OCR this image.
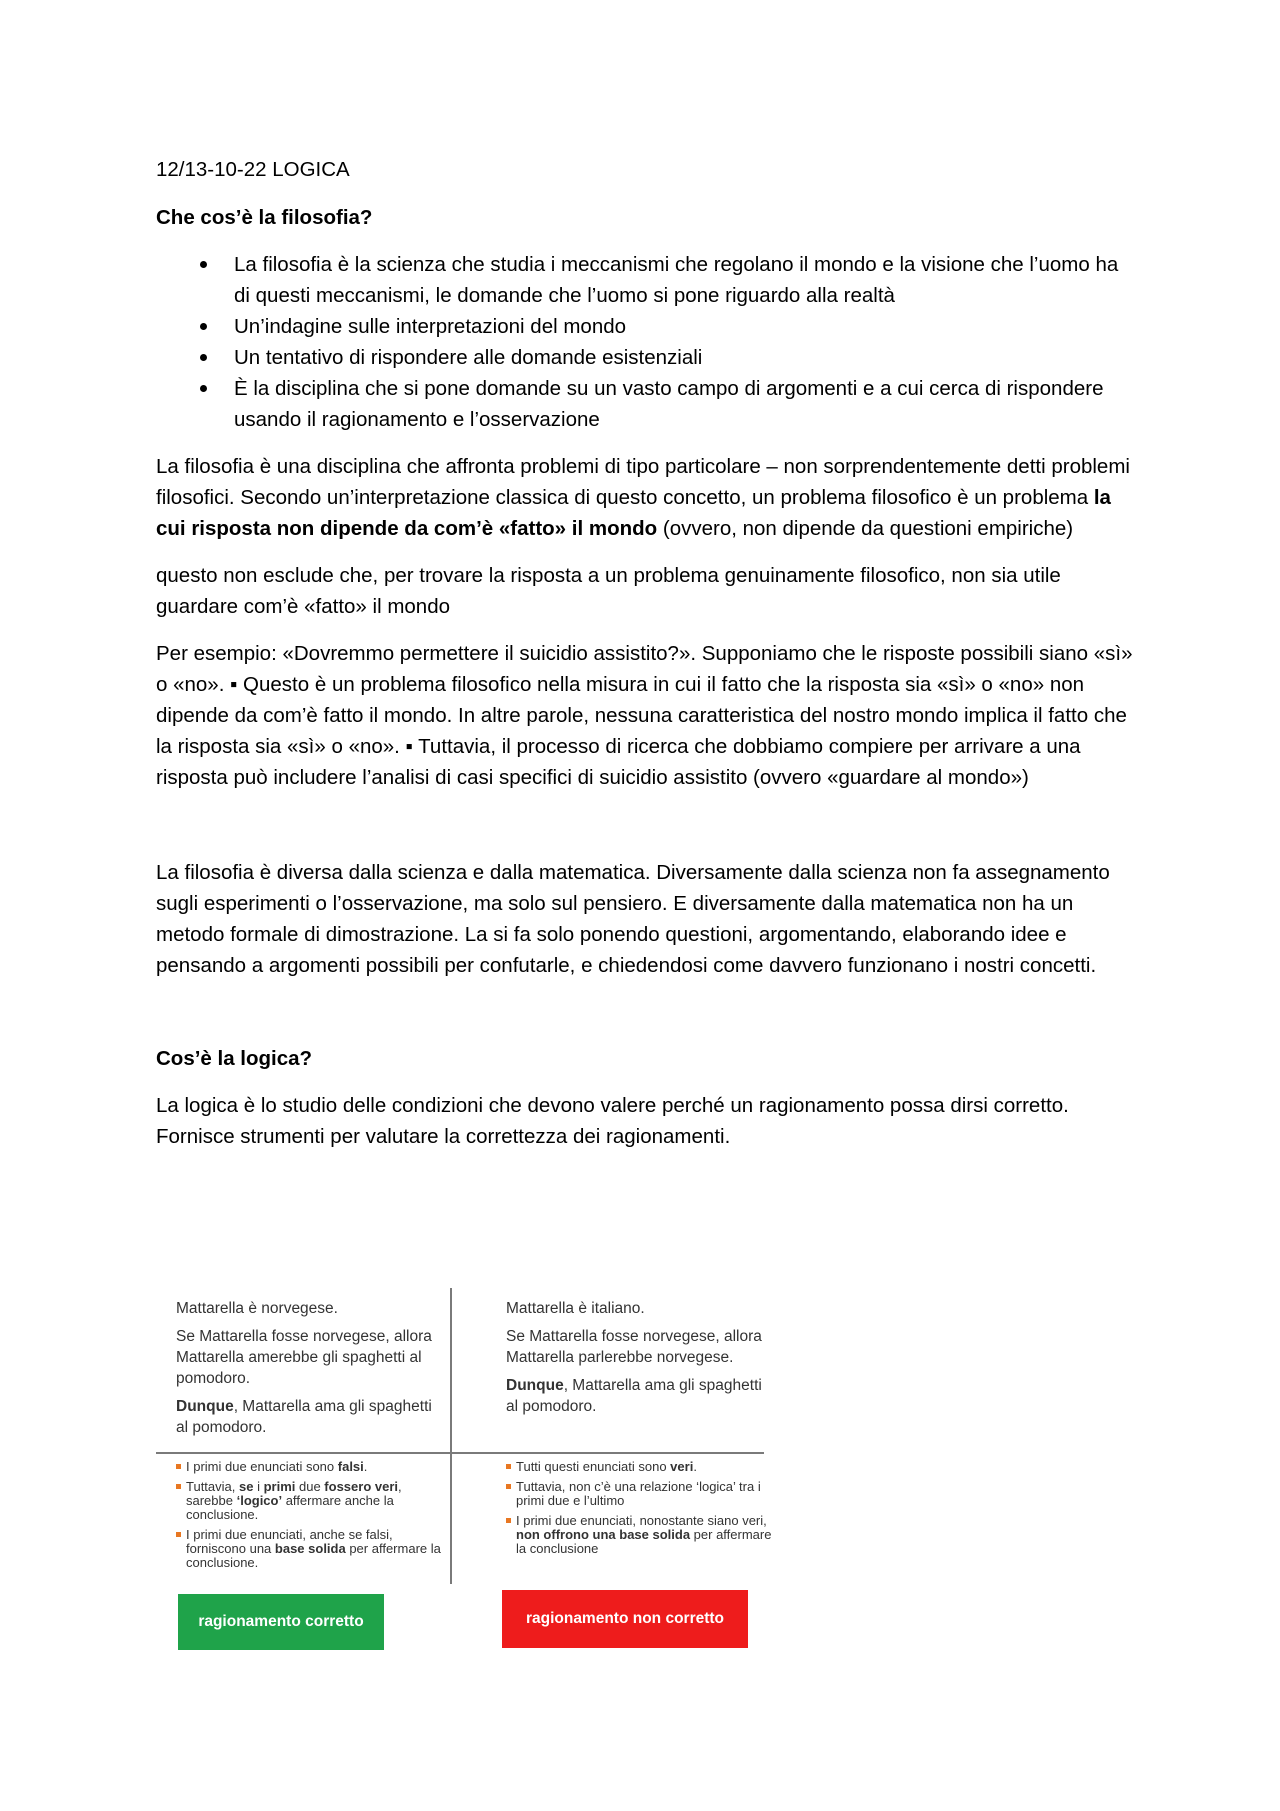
12/13-10-22 LOGICA
Che cos’è la filosofia?
La filosofia è la scienza che studia i meccanismi che regolano il mondo e la visione che l’uomo ha di questi meccanismi, le domande che l’uomo si pone riguardo alla realtà
Un’indagine sulle interpretazioni del mondo
Un tentativo di rispondere alle domande esistenziali
È la disciplina che si pone domande su un vasto campo di argomenti e a cui cerca di rispondere usando il ragionamento e l’osservazione

La filosofia è una disciplina che affronta problemi di tipo particolare – non sorprendentemente detti problemi filosofici. Secondo un’interpretazione classica di questo concetto, un problema filosofico è un problema la cui risposta non dipende da com’è «fatto» il mondo (ovvero, non dipende da questioni empiriche)

questo non esclude che, per trovare la risposta a un problema genuinamente filosofico, non sia utile guardare com’è «fatto» il mondo

Per esempio: «Dovremmo permettere il suicidio assistito?». Supponiamo che le risposte possibili siano «sì» o «no». ▪ Questo è un problema filosofico nella misura in cui il fatto che la risposta sia «sì» o «no» non dipende da com’è fatto il mondo. In altre parole, nessuna caratteristica del nostro mondo implica il fatto che la risposta sia «sì» o «no». ▪ Tuttavia, il processo di ricerca che dobbiamo compiere per arrivare a una risposta può includere l’analisi di casi specifici di suicidio assistito (ovvero «guardare al mondo»)

La filosofia è diversa dalla scienza e dalla matematica. Diversamente dalla scienza non fa assegnamento sugli esperimenti o l’osservazione, ma solo sul pensiero. E diversamente dalla matematica non ha un metodo formale di dimostrazione. La si fa solo ponendo questioni, argomentando, elaborando idee e pensando a argomenti possibili per confutarle, e chiedendosi come davvero funzionano i nostri concetti.

Cos’è la logica?

La logica è lo studio delle condizioni che devono valere perché un ragionamento possa dirsi corretto. Fornisce strumenti per valutare la correttezza dei ragionamenti.

Mattarella è norvegese.

Se Mattarella fosse norvegese, allora Mattarella amerebbe gli spaghetti al pomodoro.

Dunque, Mattarella ama gli spaghetti al pomodoro.

Mattarella è italiano.

Se Mattarella fosse norvegese, allora Mattarella parlerebbe norvegese.

Dunque, Mattarella ama gli spaghetti al pomodoro.

I primi due enunciati sono falsi.
Tuttavia, se i primi due fossero veri, sarebbe ‘logico’ affermare anche la conclusione.
I primi due enunciati, anche se falsi, forniscono una base solida per affermare la conclusione.
Tutti questi enunciati sono veri.
Tuttavia, non c’è una relazione ‘logica’ tra i primi due e l’ultimo
I primi due enunciati, nonostante siano veri, non offrono una base solida per affermare la conclusione
ragionamento corretto	ragionamento non corretto
